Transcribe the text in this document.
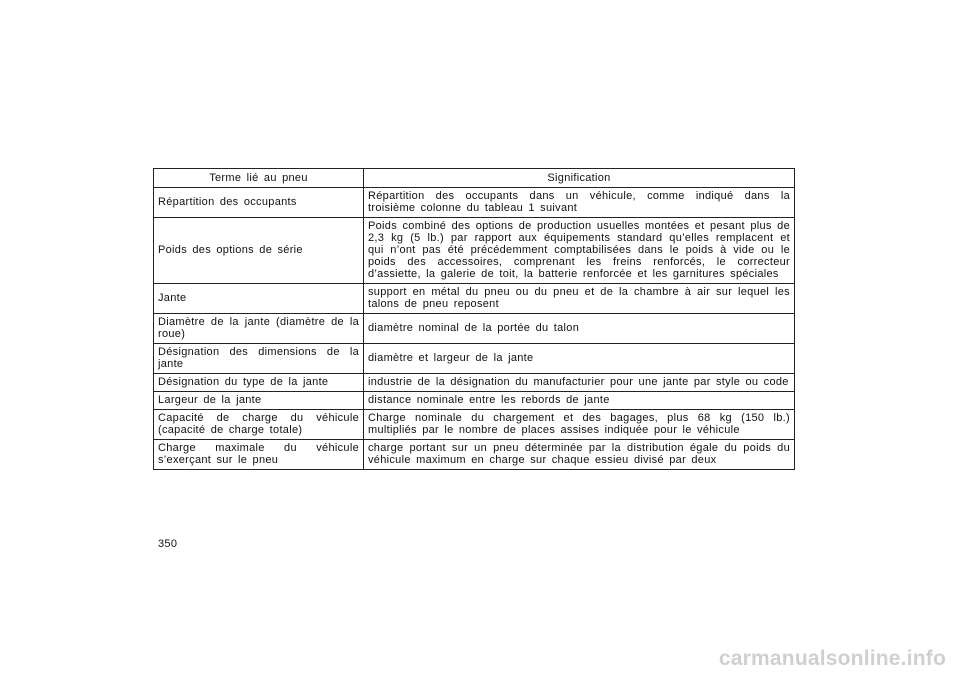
Terme lié au pneu	Signification
Répartition des occupants	Répartition des occupants dans un véhicule, comme indiqué dans la troisième colonne du tableau 1 suivant
Poids des options de série	Poids combiné des options de production usuelles montées et pesant plus de 2,3 kg (5 lb.) par rapport aux équipements standard qu’elles remplacent et qui n’ont pas été précédemment comptabilisées dans le poids à vide ou le poids des accessoires, comprenant les freins renforcés, le correcteur d’assiette, la galerie de toit, la batterie renforcée et les garnitures spéciales
Jante	support en métal du pneu ou du pneu et de la chambre à air sur lequel les talons de pneu reposent
Diamètre de la jante (diamètre de la roue)	diamètre nominal de la portée du talon
Désignation des dimensions de la jante	diamètre et largeur de la jante
Désignation du type de la jante	industrie de la désignation du manufacturier pour une jante par style ou code
Largeur de la jante	distance nominale entre les rebords de jante
Capacité de charge du véhicule (capacité de charge totale)	Charge nominale du chargement et des bagages, plus 68 kg (150 lb.) multipliés par le nombre de places assises indiquée pour le véhicule
Charge maximale du véhicule s’exerçant sur le pneu	charge portant sur un pneu déterminée par la distribution égale du poids du véhicule maximum en charge sur chaque essieu divisé par deux
350
carmanualsonline.info
